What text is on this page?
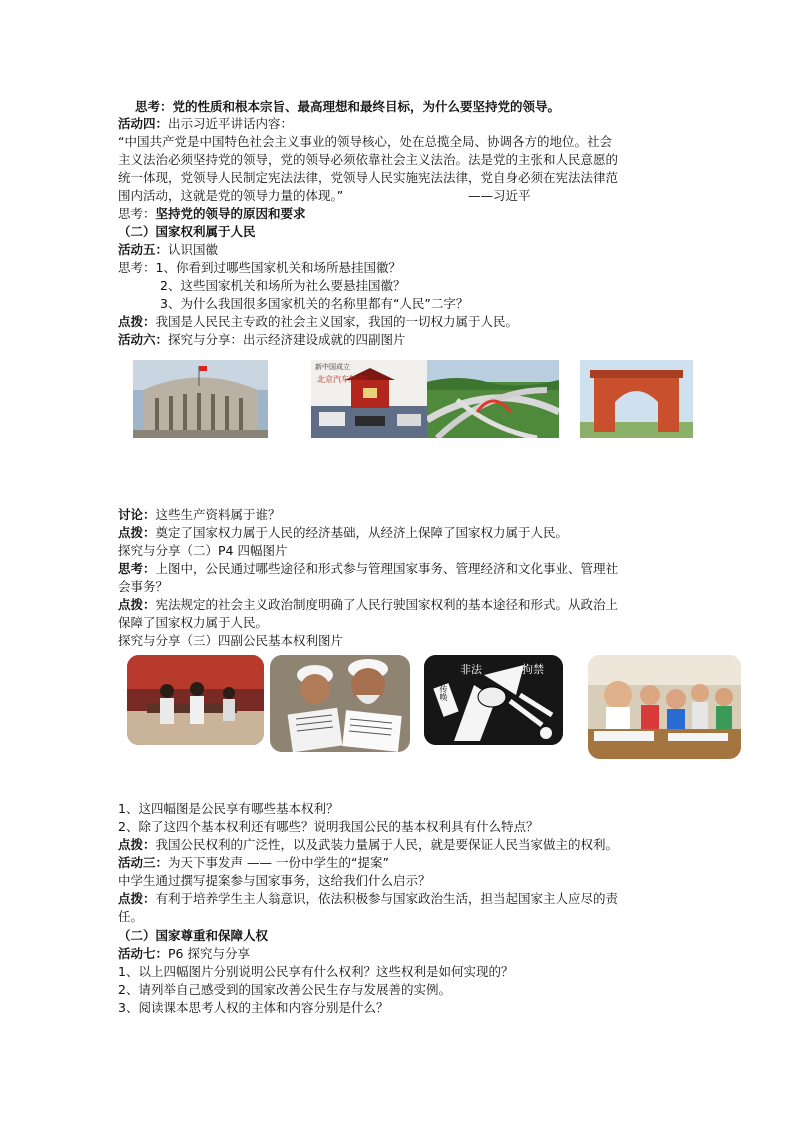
思考：党的性质和根本宗旨、最高理想和最终目标，为什么要坚持党的领导。
活动四：出示习近平讲话内容：
“中国共产党是中国特色社会主义事业的领导核心，处在总揽全局、协调各方的地位。社会
主义法治必须坚持党的领导，党的领导必须依靠社会主义法治。法是党的主张和人民意愿的
统一体现，党领导人民制定宪法法律，党领导人民实施宪法法律，党自身必须在宪法法律范
围内活动，这就是党的领导力量的体现。”	——习近平
思考：坚持党的领导的原因和要求
（二）国家权利属于人民
活动五：认识国徽
思考：1、你看到过哪些国家机关和场所悬挂国徽？
2、这些国家机关和场所为社么要悬挂国徽？
3、为什么我国很多国家机关的名称里都有“人民”二字？
点拨：我国是人民民主专政的社会主义国家，我国的一切权力属于人民。
活动六：探究与分享：出示经济建设成就的四副图片
新中国成立
北京汽车制造厂
讨论：这些生产资料属于谁？
点拨：奠定了国家权力属于人民的经济基础，从经济上保障了国家权力属于人民。
探究与分享（二）P4 四幅图片
思考：上图中，公民通过哪些途径和形式参与管理国家事务、管理经济和文化事业、管理社
会事务？
点拨：宪法规定的社会主义政治制度明确了人民行驶国家权利的基本途径和形式。从政治上
保障了国家权力属于人民。
探究与分享（三）四副公民基本权利图片
非法	拘禁
传唤
1、这四幅图是公民享有哪些基本权利？
2、除了这四个基本权利还有哪些？说明我国公民的基本权利具有什么特点？
点拨：我国公民权利的广泛性，以及武装力量属于人民，就是要保证人民当家做主的权利。
活动三：为天下事发声 —— 一份中学生的“提案”
中学生通过撰写提案参与国家事务，这给我们什么启示？
点拨：有利于培养学生主人翁意识，依法积极参与国家政治生活，担当起国家主人应尽的责
任。
（二）国家尊重和保障人权
活动七：P6 探究与分享
1、以上四幅图片分别说明公民享有什么权利？这些权利是如何实现的？
2、请列举自己感受到的国家改善公民生存与发展善的实例。
3、阅读课本思考人权的主体和内容分别是什么？
